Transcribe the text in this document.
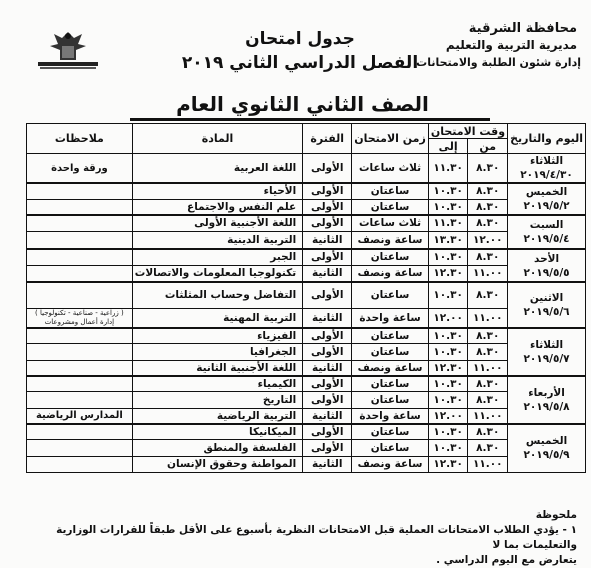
محافظة الشرقية
مديرية التربية والتعليم
إدارة شئون الطلبة والامتحانات
جدول امتحان
الفصل الدراسي الثاني ٢٠١٩
الصف الثاني الثانوي العام
اليوم والتاريخ	وقت الامتحان		زمن الامتحان	الفترة	المادة	ملاحظات
	من	إلى				

الثلاثاء
٢٠١٩/٤/٣٠	٨.٣٠	١١.٣٠	ثلاث ساعات	الأولى	اللغة العربية	ورقة واحدة

الخميس
٢٠١٩/٥/٢	٨.٣٠	١٠.٣٠	ساعتان	الأولى	الأحياء	
	٨.٣٠	١٠.٣٠	ساعتان	الأولى	علم النفس والاجتماع	

السبت
٢٠١٩/٥/٤	٨.٣٠	١١.٣٠	ثلاث ساعات	الأولى	اللغة الأجنبية الأولى	
	١٢.٠٠	١٣.٣٠	ساعة ونصف	الثانية	التربية الدينية	

الأحد
٢٠١٩/٥/٥	٨.٣٠	١٠.٣٠	ساعتان	الأولى	الجبر	
	١١.٠٠	١٢.٣٠	ساعة ونصف	الثانية	تكنولوجيا المعلومات والاتصالات	

الاثنين
٢٠١٩/٥/٦	٨.٣٠	١٠.٣٠	ساعتان	الأولى	التفاضل وحساب المثلثات	
	١١.٠٠	١٢.٠٠	ساعة واحدة	الثانية	التربية المهنية	( زراعية - صناعية - تكنولوجيا ) إدارة أعمال ومشروعات

الثلاثاء
٢٠١٩/٥/٧	٨.٣٠	١٠.٣٠	ساعتان	الأولى	الفيزياء	
	٨.٣٠	١٠.٣٠	ساعتان	الأولى	الجغرافيا	
	١١.٠٠	١٢.٣٠	ساعة ونصف	الثانية	اللغة الأجنبية الثانية	

الأربعاء
٢٠١٩/٥/٨	٨.٣٠	١٠.٣٠	ساعتان	الأولى	الكيمياء	
	٨.٣٠	١٠.٣٠	ساعتان	الأولى	التاريخ	
	١١.٠٠	١٢.٠٠	ساعة واحدة	الثانية	التربية الرياضية	المدارس الرياضية

الخميس
٢٠١٩/٥/٩	٨.٣٠	١٠.٣٠	ساعتان	الأولى	الميكانيكا	
	٨.٣٠	١٠.٣٠	ساعتان	الأولى	الفلسفة والمنطق	
	١١.٠٠	١٢.٣٠	ساعة ونصف	الثانية	المواطنة وحقوق الإنسان	
ملحوظة
١ - يؤدي الطلاب الامتحانات العملية قبل الامتحانات النظرية بأسبوع على الأقل طبقاً للقرارات الوزارية والتعليمات بما لا
يتعارض مع اليوم الدراسي .
